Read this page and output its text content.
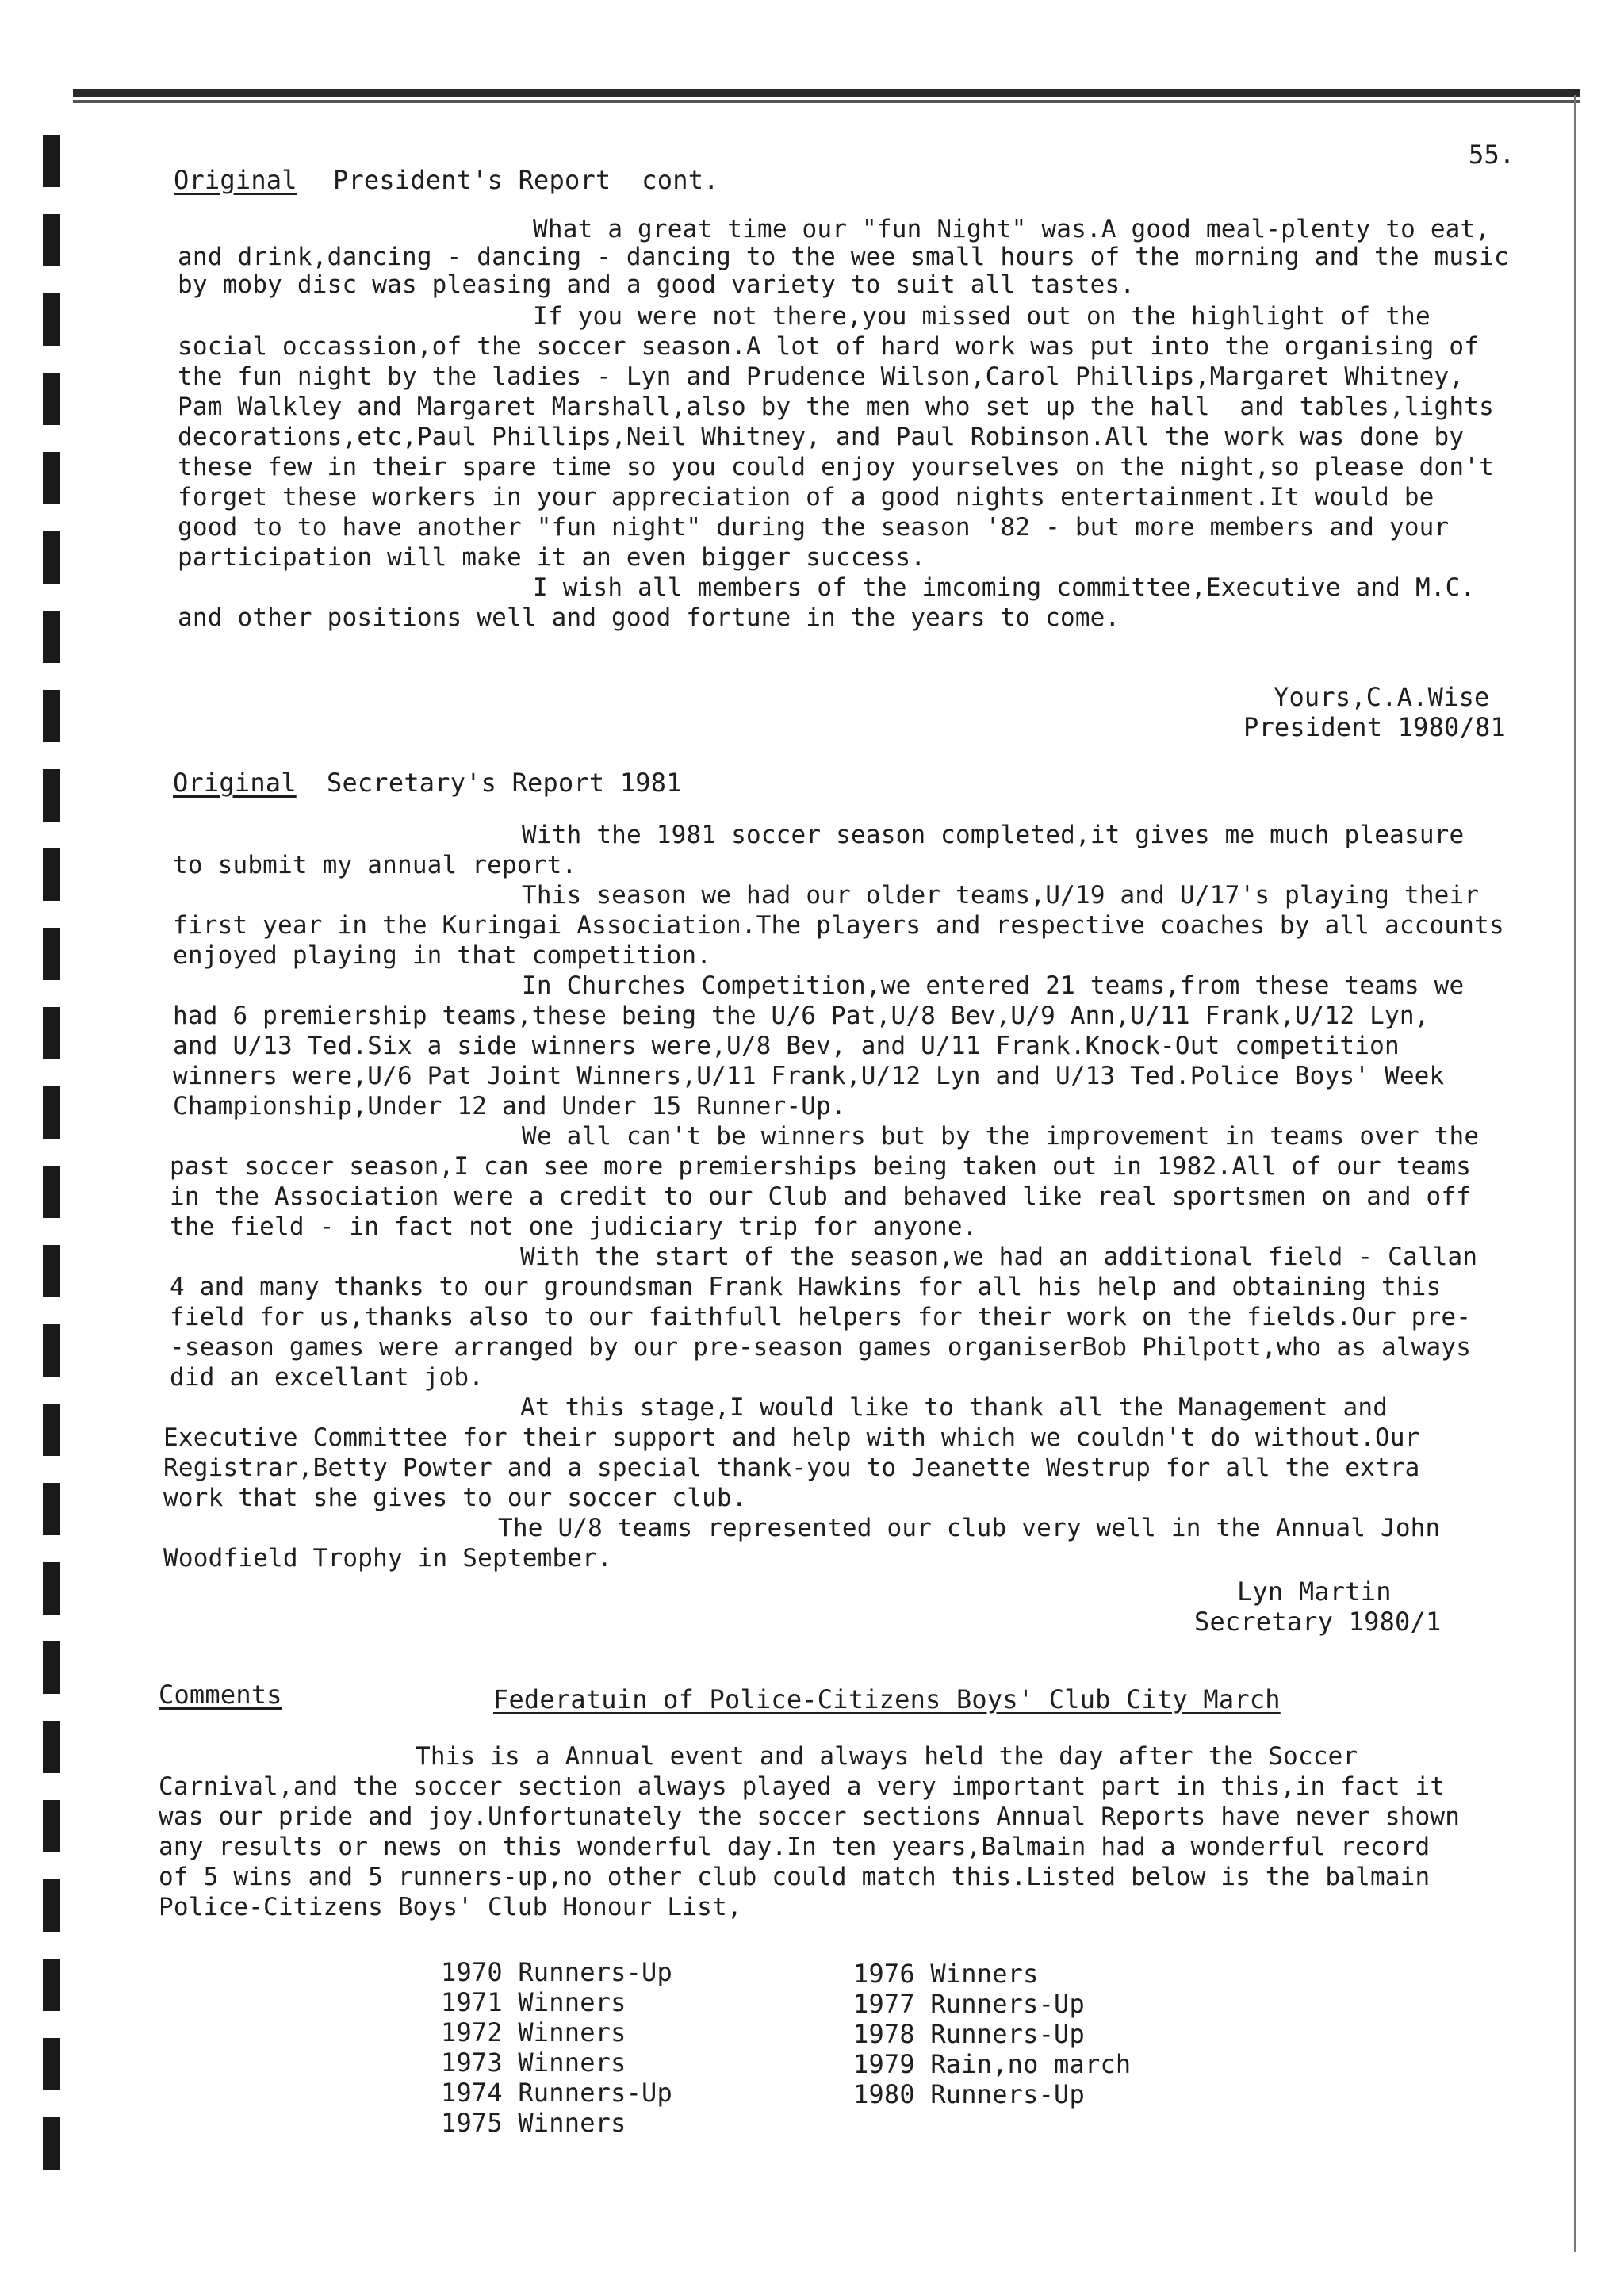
55.
Original President's Report  cont.
What a great time our "fun Night" was.A good meal-plenty to eat,
and drink,dancing - dancing - dancing to the wee small hours of the morning and the music
by moby disc was pleasing and a good variety to suit all tastes.
If you were not there,you missed out on the highlight of the
social occassion,of the soccer season.A lot of hard work was put into the organising of
the fun night by the ladies - Lyn and Prudence Wilson,Carol Phillips,Margaret Whitney,
Pam Walkley and Margaret Marshall,also by the men who set up the hall  and tables,lights
decorations,etc,Paul Phillips,Neil Whitney, and Paul Robinson.All the work was done by
these few in their spare time so you could enjoy yourselves on the night,so please don't
forget these workers in your appreciation of a good nights entertainment.It would be
good to to have another "fun night" during the season '82 - but more members and your
participation will make it an even bigger success.
I wish all members of the imcoming committee,Executive and M.C.
and other positions well and good fortune in the years to come.
Yours,C.A.Wise
President 1980/81
Original Secretary's Report 1981
With the 1981 soccer season completed,it gives me much pleasure
to submit my annual report.
This season we had our older teams,U/19 and U/17's playing their
first year in the Kuringai Association.The players and respective coaches by all accounts
enjoyed playing in that competition.
In Churches Competition,we entered 21 teams,from these teams we
had 6 premiership teams,these being the U/6 Pat,U/8 Bev,U/9 Ann,U/11 Frank,U/12 Lyn,
and U/13 Ted.Six a side winners were,U/8 Bev, and U/11 Frank.Knock-Out competition
winners were,U/6 Pat Joint Winners,U/11 Frank,U/12 Lyn and U/13 Ted.Police Boys' Week
Championship,Under 12 and Under 15 Runner-Up.
We all can't be winners but by the improvement in teams over the
past soccer season,I can see more premierships being taken out in 1982.All of our teams
in the Association were a credit to our Club and behaved like real sportsmen on and off
the field - in fact not one judiciary trip for anyone.
With the start of the season,we had an additional field - Callan
4 and many thanks to our groundsman Frank Hawkins for all his help and obtaining this
field for us,thanks also to our faithfull helpers for their work on the fields.Our pre-
-season games were arranged by our pre-season games organiserBob Philpott,who as always
did an excellant job.
At this stage,I would like to thank all the Management and
Executive Committee for their support and help with which we couldn't do without.Our
Registrar,Betty Powter and a special thank-you to Jeanette Westrup for all the extra
work that she gives to our soccer club.
The U/8 teams represented our club very well in the Annual John
Woodfield Trophy in September.
Lyn Martin
Secretary 1980/1
Comments	Federatuin of Police-Citizens Boys' Club City March
This is a Annual event and always held the day after the Soccer
Carnival,and the soccer section always played a very important part in this,in fact it
was our pride and joy.Unfortunately the soccer sections Annual Reports have never shown
any results or news on this wonderful day.In ten years,Balmain had a wonderful record
of 5 wins and 5 runners-up,no other club could match this.Listed below is the balmain
Police-Citizens Boys' Club Honour List,
1970 Runners-Up
1971 Winners
1972 Winners
1973 Winners
1974 Runners-Up
1975 Winners
1976 Winners
1977 Runners-Up
1978 Runners-Up
1979 Rain,no march
1980 Runners-Up
